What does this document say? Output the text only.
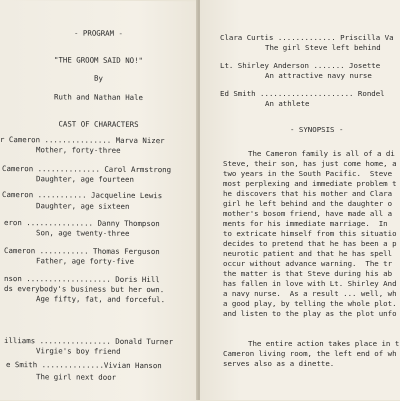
- PROGRAM -
"THE GROOM SAID NO!"
By
Ruth and Nathan Hale
CAST OF CHARACTERS
r Cameron ............... Marva Nizer
Mother, forty-three
Cameron .............. Carol Armstrong
Daughter, age fourteen
Cameron ........... Jacqueline Lewis
Daughter, age sixteen
eron ............... Danny Thompson
Son, age twenty-three
Cameron ........... Thomas Ferguson
Father, age forty-five
nson ................... Doris Hill
ds everybody's business but her own.
Age fifty, fat, and forceful.
illiams ................ Donald Turner
Virgie's boy friend
e Smith ..............Vivian Hanson
The girl next door
Clara Curtis ............. Priscilla Va
The girl Steve left behind
Lt. Shirley Anderson ....... Josette
An attractive navy nurse
Ed Smith ..................... Rondel
An athlete
- SYNOPSIS -
The Cameron family is all of a di
Steve, their son, has just come home, a
two years in the South Pacific.  Steve
most perplexing and immediate problem t
he discovers that his mother and Clara
girl he left behind and the daughter o
mother's bosom friend, have made all a
ments for his immediate marriage.  In
to extricate himself from this situatio
decides to pretend that he has been a p
neurotic patient and that he has spell
occur without advance warning.  The tr
the matter is that Steve during his ab
has fallen in love with Lt. Shirley And
a navy nurse.  As a result ... well, wh
a good play, by telling the whole plot.
and listen to the play as the plot unfo
The entire action takes place in t
Cameron living room, the left end of wh
serves also as a dinette.
